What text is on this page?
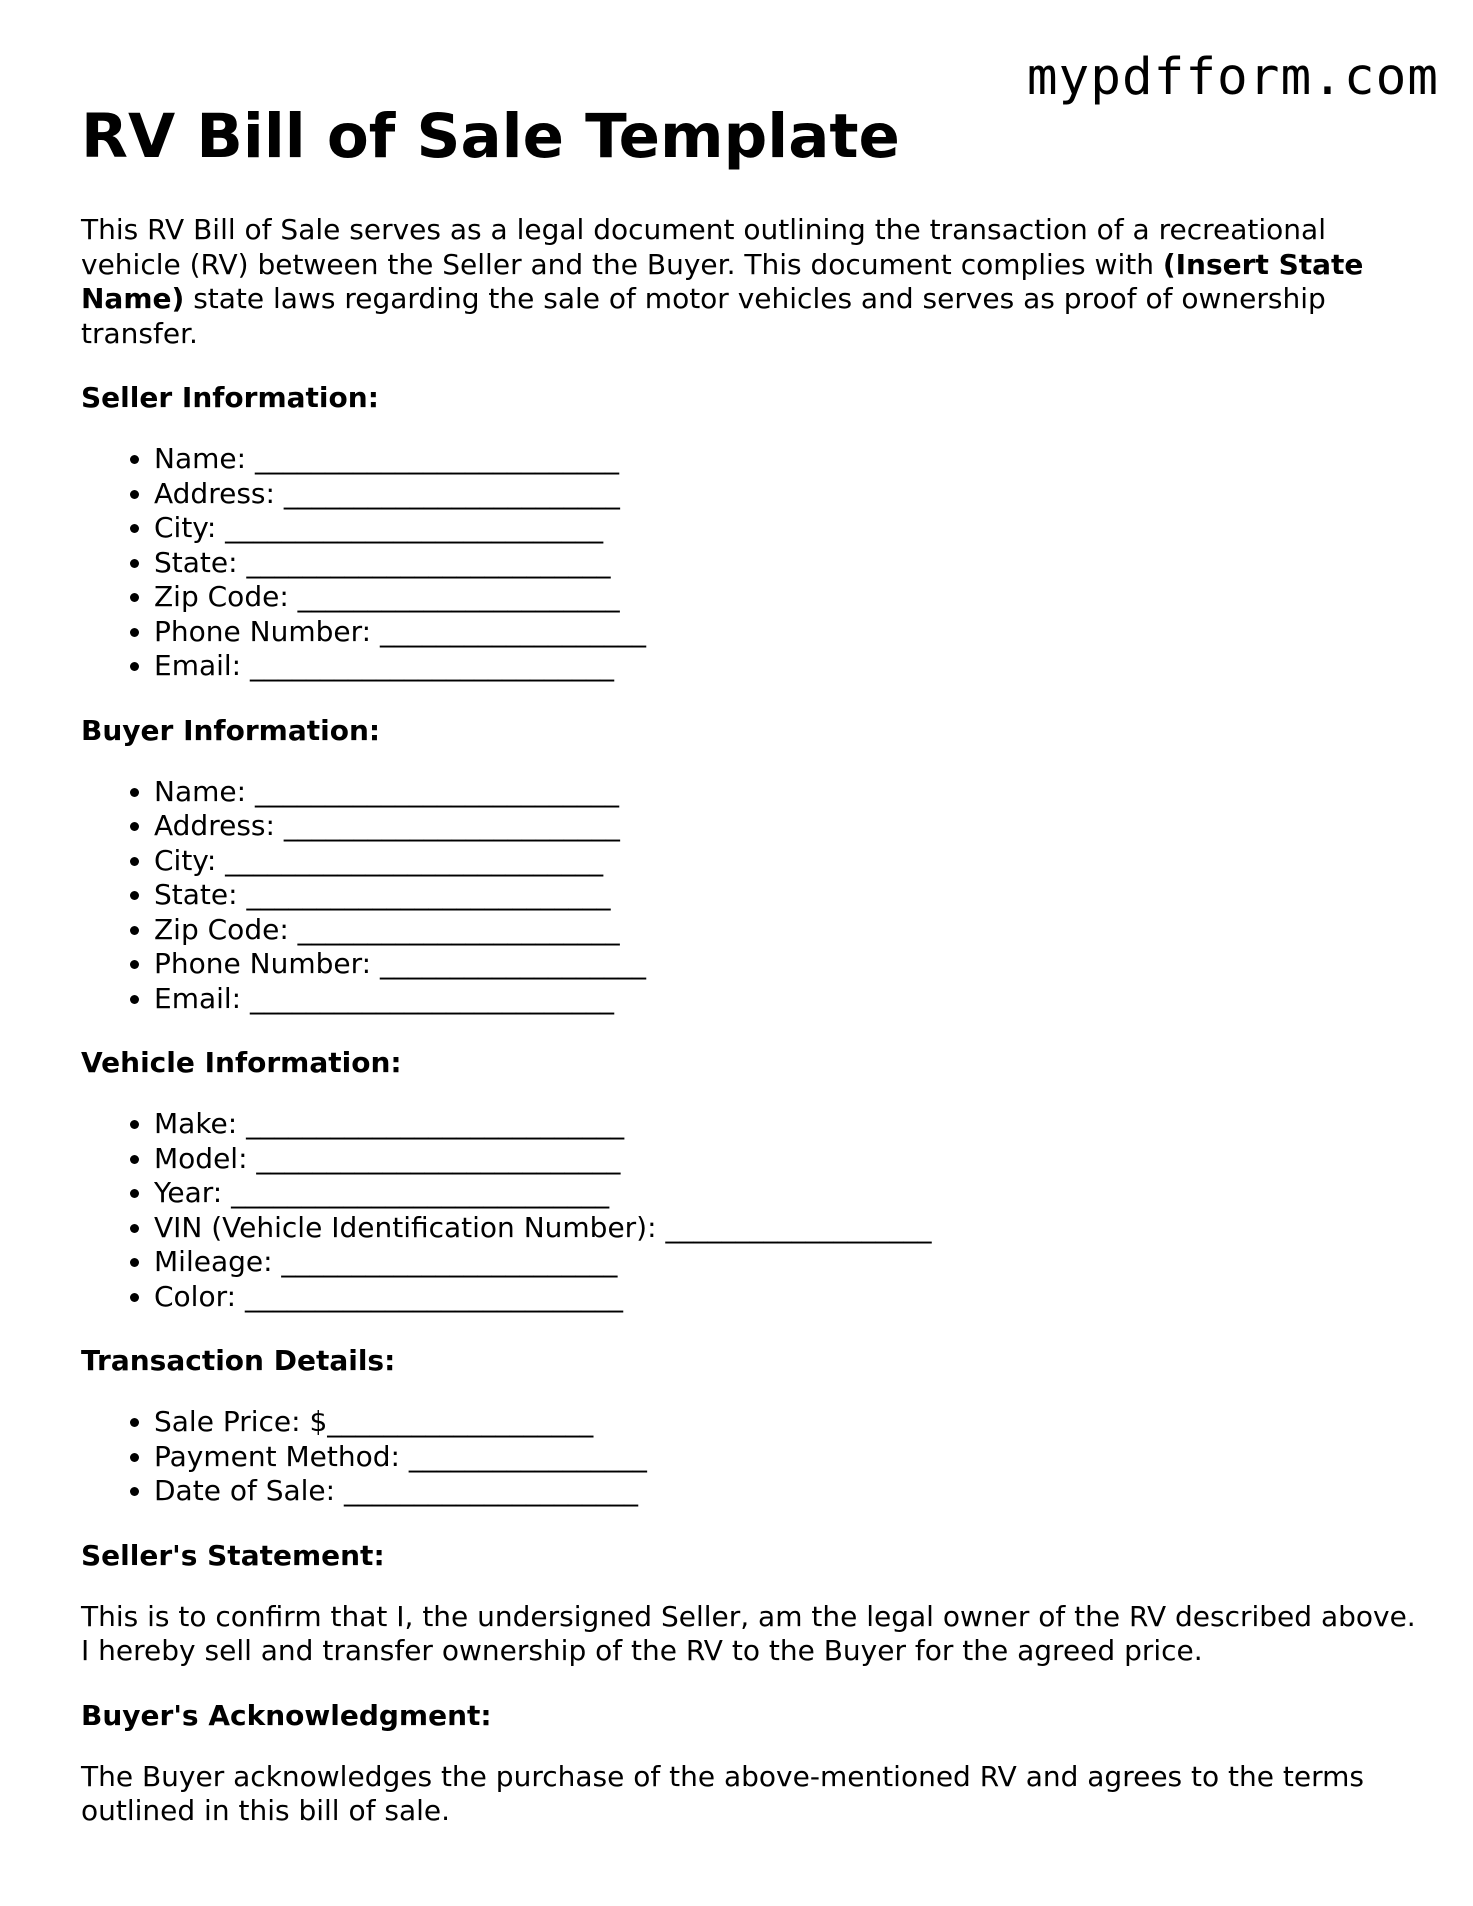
mypdfform.com
RV Bill of Sale Template

This RV Bill of Sale serves as a legal document outlining the transaction of a recreational vehicle (RV) between the Seller and the Buyer. This document complies with (Insert State Name) state laws regarding the sale of motor vehicles and serves as proof of ownership transfer.

Seller Information:
• Name: __________________________
• Address: ________________________
• City: ___________________________
• State: __________________________
• Zip Code: _______________________
• Phone Number: ___________________
• Email: __________________________
Buyer Information:
• Name: __________________________
• Address: ________________________
• City: ___________________________
• State: __________________________
• Zip Code: _______________________
• Phone Number: ___________________
• Email: __________________________
Vehicle Information:
• Make: ___________________________
• Model: __________________________
• Year: ___________________________
• VIN (Vehicle Identification Number): ___________________
• Mileage: ________________________
• Color: ___________________________
Transaction Details:
• Sale Price: $___________________
• Payment Method: _________________
• Date of Sale: _____________________
Seller's Statement:

This is to confirm that I, the undersigned Seller, am the legal owner of the RV described above. I hereby sell and transfer ownership of the RV to the Buyer for the agreed price.

Buyer's Acknowledgment:

The Buyer acknowledges the purchase of the above-mentioned RV and agrees to the terms outlined in this bill of sale.
